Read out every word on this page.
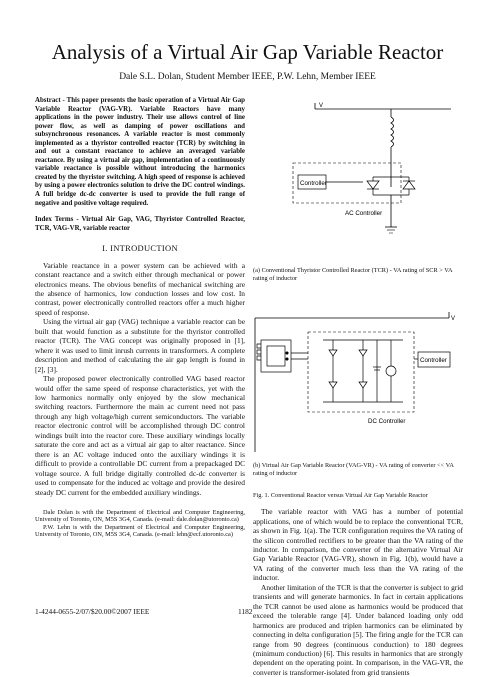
Analysis of a Virtual Air Gap Variable Reactor
Dale S.L. Dolan, Student Member IEEE, P.W. Lehn, Member IEEE
Abstract - This paper presents the basic operation of a Virtual Air Gap Variable Reactor (VAG-VR). Variable Reactors have many applications in the power industry. Their use allows control of line power flow, as well as damping of power oscillations and subsynchronous resonances. A variable reactor is most commonly implemented as a thyristor controlled reactor (TCR) by switching in and out a constant reactance to achieve an averaged variable reactance. By using a virtual air gap, implementation of a continuously variable reactance is possible without introducing the harmonics created by the thyristor switching. A high speed of response is achieved by using a power electronics solution to drive the DC control windings. A full bridge dc-dc converter is used to provide the full range of negative and positive voltage required.
Index Terms - Virtual Air Gap, VAG, Thyristor Controlled Reactor, TCR, VAG-VR, variable reactor
I. INTRODUCTION

Variable reactance in a power system can be achieved with a constant reactance and a switch either through mechanical or power electronics means. The obvious benefits of mechanical switching are the absence of harmonics, low conduction losses and low cost. In contrast, power electronically controlled reactors offer a much higher speed of response.

Using the virtual air gap (VAG) technique a variable reactor can be built that would function as a substitute for the thyristor controlled reactor (TCR). The VAG concept was originally proposed in [1], where it was used to limit inrush currents in transformers. A complete description and method of calculating the air gap length is found in [2], [3].

The proposed power electronically controlled VAG based reactor would offer the same speed of response characteristics, yet with the low harmonics normally only enjoyed by the slow mechanical switching reactors. Furthermore the main ac current need not pass through any high voltage/high current semiconductors. The variable reactor electronic control will be accomplished through DC control windings built into the reactor core. These auxiliary windings locally saturate the core and act as a virtual air gap to alter reactance. Since there is an AC voltage induced onto the auxiliary windings it is difficult to provide a controllable DC current from a prepackaged DC voltage source. A full bridge digitally controlled dc-dc converter is used to compensate for the induced ac voltage and provide the desired steady DC current for the embedded auxiliary windings.

Dale Dolan is with the Department of Electrical and Computer Engineering, University of Toronto, ON, M5S 3G4, Canada. (e-mail: dale.dolan@utoronto.ca)

P.W. Lehn is with the Department of Electrical and Computer Engineering, University of Toronto, ON, M5S 3G4, Canada. (e-mail: lehn@ecf.utoronto.ca)

V
Controller
AC Controller
(a) Conventional Thyristor Controlled Reactor (TCR) - VA rating of SCR > VA rating of inductor
V
Controller
DC Controller
(b) Virtual Air Gap Variable Reactor (VAG-VR) - VA rating of converter << VA rating of inductor
Fig. 1. Conventional Reactor versus Virtual Air Gap Variable Reactor

The variable reactor with VAG has a number of potential applications, one of which would be to replace the conventional TCR, as shown in Fig. 1(a). The TCR configuration requires the VA rating of the silicon controlled rectifiers to be greater than the VA rating of the inductor. In comparison, the converter of the alternative Virtual Air Gap Variable Reactor (VAG-VR), shown in Fig. 1(b), would have a VA rating of the converter much less than the VA rating of the inductor.

Another limitation of the TCR is that the converter is subject to grid transients and will generate harmonics. In fact in certain applications the TCR cannot be used alone as harmonics would be produced that exceed the tolerable range [4]. Under balanced loading only odd harmonics are produced and triplen harmonics can be eliminated by connecting in delta configuration [5]. The firing angle for the TCR can range from 90 degrees (continuous conduction) to 180 degrees (minimum conduction) [6]. This results in harmonics that are strongly dependent on the operating point. In comparison, in the VAG-VR, the converter is transformer-isolated from grid transients

1-4244-0655-2/07/$20.00©2007 IEEE	1182
